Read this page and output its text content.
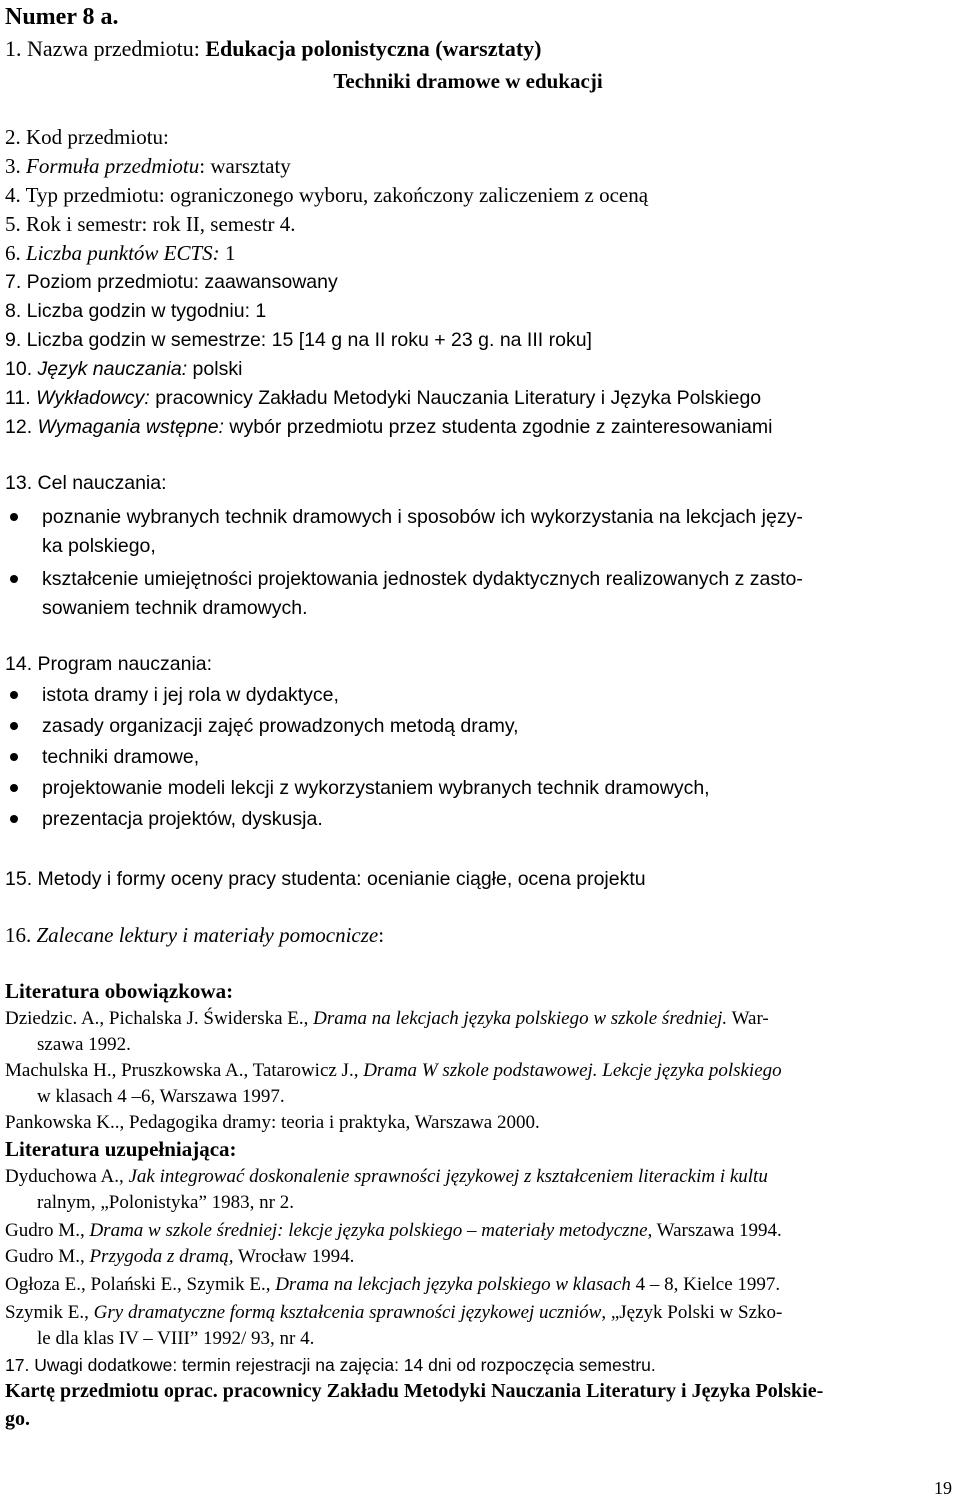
Numer 8 a.
1. Nazwa przedmiotu: Edukacja polonistyczna (warsztaty)
Techniki dramowe w edukacji
2. Kod przedmiotu:
3. Formuła przedmiotu: warsztaty
4. Typ przedmiotu: ograniczonego wyboru, zakończony zaliczeniem z oceną
5. Rok i semestr: rok II, semestr 4.
6. Liczba punktów ECTS: 1
7. Poziom przedmiotu: zaawansowany
8. Liczba godzin w tygodniu: 1
9. Liczba godzin w semestrze: 15 [14 g na II roku + 23 g. na III roku]
10. Język nauczania: polski
11. Wykładowcy: pracownicy Zakładu Metodyki Nauczania Literatury i Języka Polskiego
12. Wymagania wstępne: wybór przedmiotu przez studenta zgodnie z zainteresowaniami
13. Cel nauczania:
poznanie wybranych technik dramowych i sposobów ich wykorzystania na lekcjach języ-
ka polskiego,
kształcenie umiejętności projektowania jednostek dydaktycznych realizowanych z zasto-
sowaniem technik dramowych.
14. Program nauczania:
istota dramy i jej rola w dydaktyce,
zasady organizacji zajęć prowadzonych metodą dramy,
techniki dramowe,
projektowanie modeli lekcji z wykorzystaniem wybranych technik dramowych,
prezentacja projektów, dyskusja.
15. Metody i formy oceny pracy studenta: ocenianie ciągłe, ocena projektu
16. Zalecane lektury i materiały pomocnicze:
Literatura obowiązkowa:
Dziedzic. A., Pichalska J. Świderska E., Drama na lekcjach języka polskiego w szkole średniej. War-
szawa 1992.
Machulska H., Pruszkowska A., Tatarowicz J., Drama W szkole podstawowej. Lekcje języka polskiego
w klasach 4 –6, Warszawa 1997.
Pankowska K.., Pedagogika dramy: teoria i praktyka, Warszawa 2000.
Literatura uzupełniająca:
Dyduchowa A., Jak integrować doskonalenie sprawności językowej z kształceniem literackim i kultu
ralnym, „Polonistyka” 1983, nr 2.
Gudro M., Drama w szkole średniej: lekcje języka polskiego – materiały metodyczne, Warszawa 1994.
Gudro M., Przygoda z dramą, Wrocław 1994.
Ogłoza E., Polański E., Szymik E., Drama na lekcjach języka polskiego w klasach 4 – 8, Kielce 1997.
Szymik E., Gry dramatyczne formą kształcenia sprawności językowej uczniów, „Język Polski w Szko-
le dla klas IV – VIII” 1992/ 93, nr 4.
17. Uwagi dodatkowe: termin rejestracji na zajęcia: 14 dni od rozpoczęcia semestru.
Kartę przedmiotu oprac. pracownicy Zakładu Metodyki Nauczania Literatury i Języka Polskie-
go.
19
